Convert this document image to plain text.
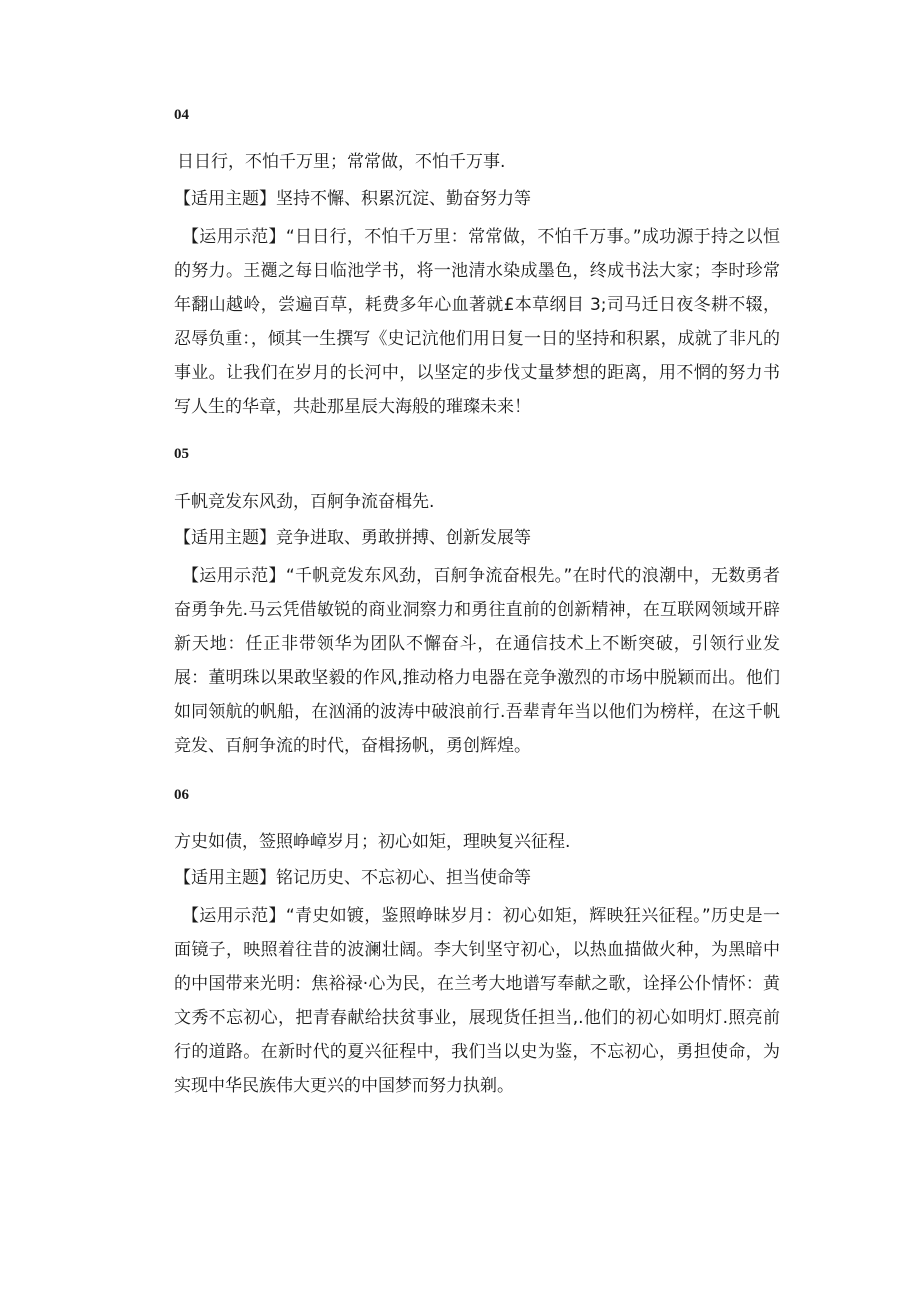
04

日日行，不怕千万里；常常做，不怕千万事.

【适用主题】坚持不懈、积累沉淀、勤奋努力等

【运用示范】“日日行，不怕千万里：常常做，不怕千万事。”成功源于持之以恒的努力。王禵之每日临池学书，将一池清水染成墨色，终成书法大家；李时珍常年翻山越岭，尝遍百草，耗费多年心血著就£本草纲目 3;司马迁日夜冬耕不辍，忍辱负重：，倾其一生撰写《史记沆他们用日复一日的坚持和积累，成就了非凡的事业。让我们在岁月的长河中，以坚定的步伐丈量梦想的距离，用不惘的努力书写人生的华章，共赴那星辰大海般的璀璨未来！

05

千帆竞发东风劲，百舸争流奋楫先.

【适用主题】竞争进取、勇敢拼搏、创新发展等

【运用示范】“千帆竞发东风劲，百舸争流奋根先。”在时代的浪潮中，无数勇者奋勇争先.马云凭借敏锐的商业洞察力和勇往直前的创新精神，在互联网领域开辟新天地：任正非带领华为团队不懈奋斗，在通信技术上不断突破，引领行业发展：董明珠以果敢坚毅的作风,推动格力电器在竞争激烈的市场中脱颖而出。他们如同领航的帆船，在汹涌的波涛中破浪前行.吾辈青年当以他们为榜样，在这千帆竞发、百舸争流的时代，奋楫扬帆，勇创辉煌。

06

方史如债，签照峥嶂岁月；初心如矩，理映复兴征程.

【适用主题】铭记历史、不忘初心、担当使命等

【运用示范】“青史如镀，鉴照峥昧岁月：初心如矩，辉映狂兴征程。”历史是一面镜子，映照着往昔的波澜壮阔。李大钊坚守初心，以热血描做火种，为黑暗中的中国带来光明：焦裕禄·心为民，在兰考大地谱写奉献之歌，诠择公仆情怀：黄文秀不忘初心，把青春献给扶贫事业，展现货任担当,.他们的初心如明灯.照亮前行的道路。在新时代的夏兴征程中，我们当以史为鉴，不忘初心，勇担使命，为实现中华民族伟大更兴的中国梦而努力执剃。
